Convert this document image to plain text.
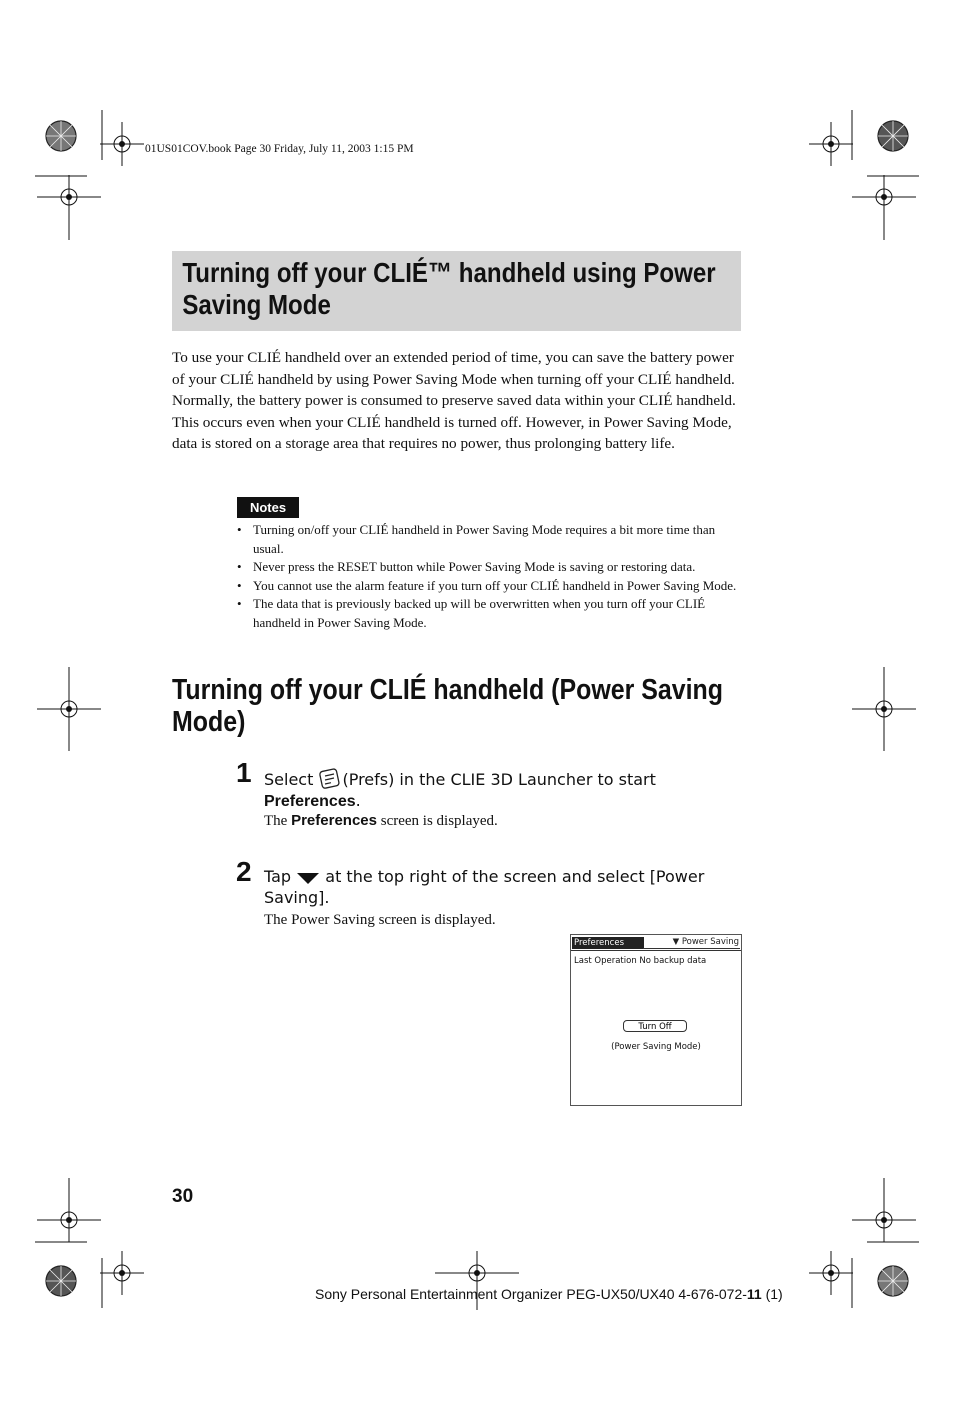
01US01COV.book Page 30 Friday, July 11, 2003 1:15 PM
Turning off your CLIÉ™ handheld using Power Saving Mode
To use your CLIÉ handheld over an extended period of time, you can save the battery power of your CLIÉ handheld by using Power Saving Mode when turning off your CLIÉ handheld. Normally, the battery power is consumed to preserve saved data within your CLIÉ handheld. This occurs even when your CLIÉ handheld is turned off. However, in Power Saving Mode, data is stored on a storage area that requires no power, thus prolonging battery life.
Notes
• Turning on/off your CLIÉ handheld in Power Saving Mode requires a bit more time than usual.
• Never press the RESET button while Power Saving Mode is saving or restoring data.
• You cannot use the alarm feature if you turn off your CLIÉ handheld in Power Saving Mode.
• The data that is previously backed up will be overwritten when you turn off your CLIÉ handheld in Power Saving Mode.
Turning off your CLIÉ handheld (Power Saving Mode)
1 Select (Prefs) in the CLIE 3D Launcher to start Preferences.
The Preferences screen is displayed.
2 Tap  at the top right of the screen and select [Power Saving].
The Power Saving screen is displayed.
Preferences	▼ Power Saving
Last Operation No backup data
Turn Off
(Power Saving Mode)
30
Sony Personal Entertainment Organizer PEG-UX50/UX40 4-676-072-11 (1)
